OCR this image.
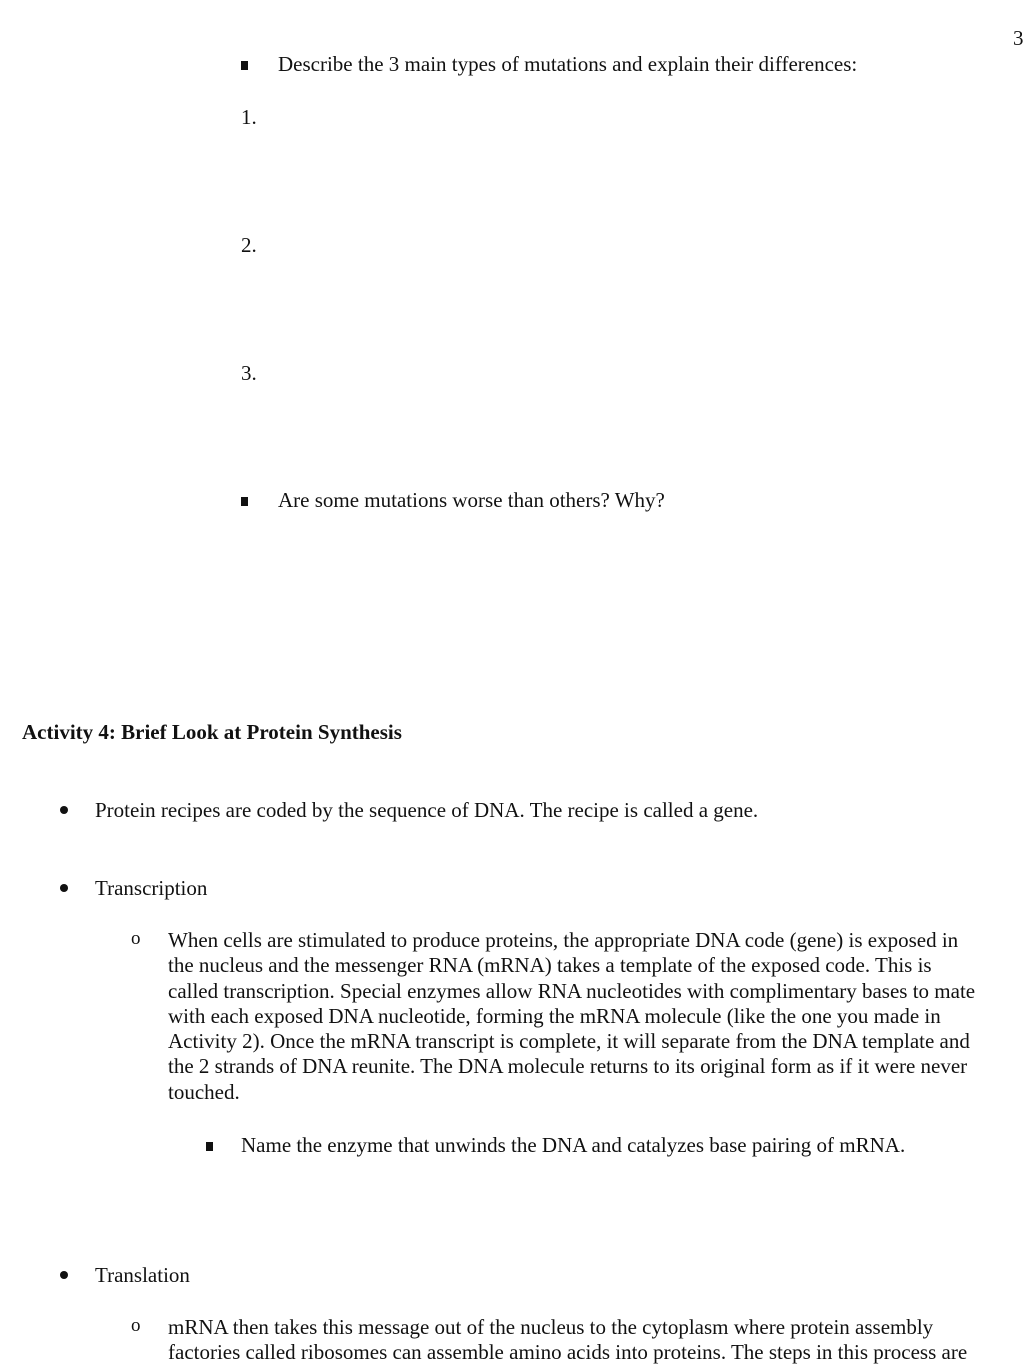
3
Describe the 3 main types of mutations and explain their differences:
1.
2.
3.
Are some mutations worse than others? Why?
Activity 4: Brief Look at Protein Synthesis
Protein recipes are coded by the sequence of DNA. The recipe is called a gene.
Transcription
o When cells are stimulated to produce proteins, the appropriate DNA code (gene) is exposed in
the nucleus and the messenger RNA (mRNA) takes a template of the exposed code. This is
called transcription. Special enzymes allow RNA nucleotides with complimentary bases to mate
with each exposed DNA nucleotide, forming the mRNA molecule (like the one you made in
Activity 2). Once the mRNA transcript is complete, it will separate from the DNA template and
the 2 strands of DNA reunite. The DNA molecule returns to its original form as if it were never
touched.
Name the enzyme that unwinds the DNA and catalyzes base pairing of mRNA.
Translation
o mRNA then takes this message out of the nucleus to the cytoplasm where protein assembly
factories called ribosomes can assemble amino acids into proteins. The steps in this process are
